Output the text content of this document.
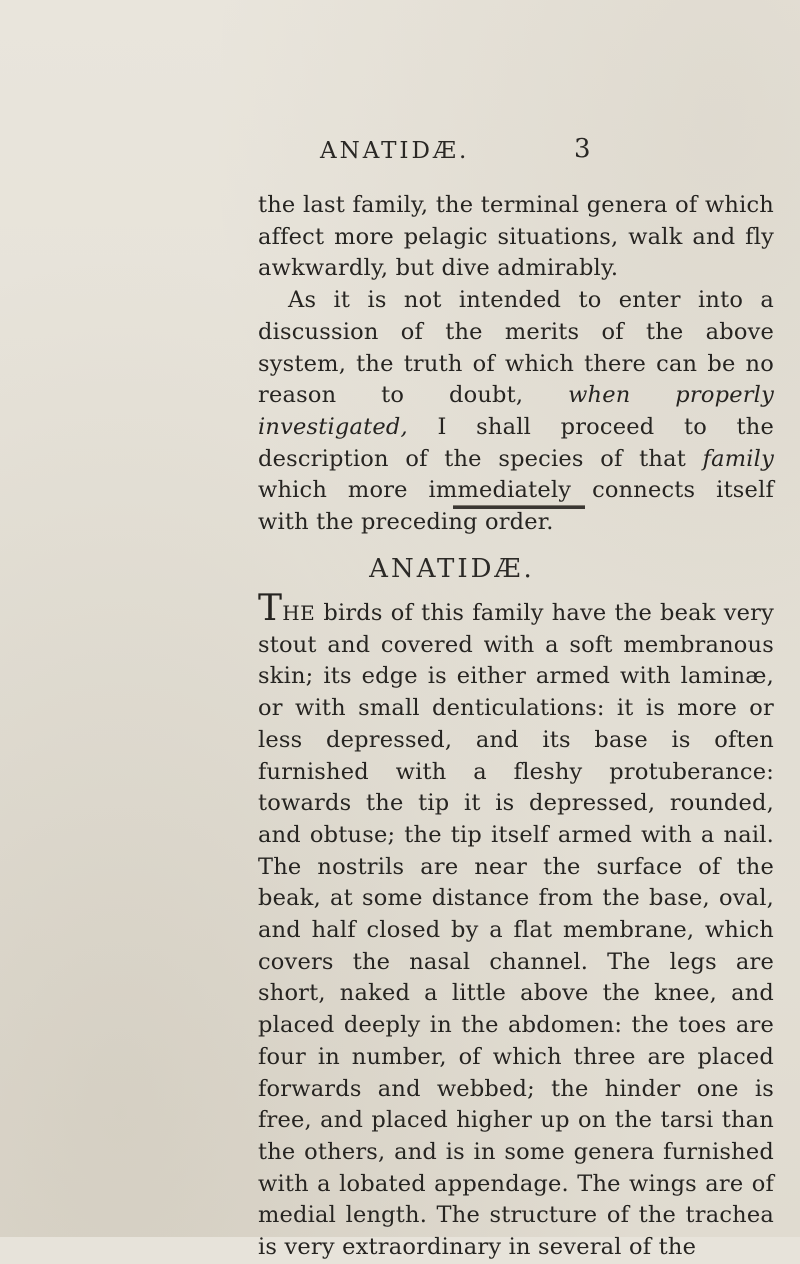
ANATIDÆ.	3

the last family, the terminal genera of which affect more pelagic situations, walk and fly awkwardly, but dive admirably.

As it is not intended to enter into a discussion of the merits of the above system, the truth of which there can be no reason to doubt, when properly investigated, I shall proceed to the description of the species of that family which more immediately connects itself with the preceding order.

ANATIDÆ.

THE birds of this family have the beak very stout and covered with a soft membranous skin; its edge is either armed with laminæ, or with small denticulations: it is more or less depressed, and its base is often furnished with a fleshy protuberance: towards the tip it is depressed, rounded, and obtuse; the tip itself armed with a nail. The nostrils are near the surface of the beak, at some distance from the base, oval, and half closed by a flat membrane, which covers the nasal channel. The legs are short, naked a little above the knee, and placed deeply in the abdomen: the toes are four in number, of which three are placed forwards and webbed; the hinder one is free, and placed higher up on the tarsi than the others, and is in some genera furnished with a lobated appendage. The wings are of medial length. The structure of the trachea is very extraordinary in several of the
